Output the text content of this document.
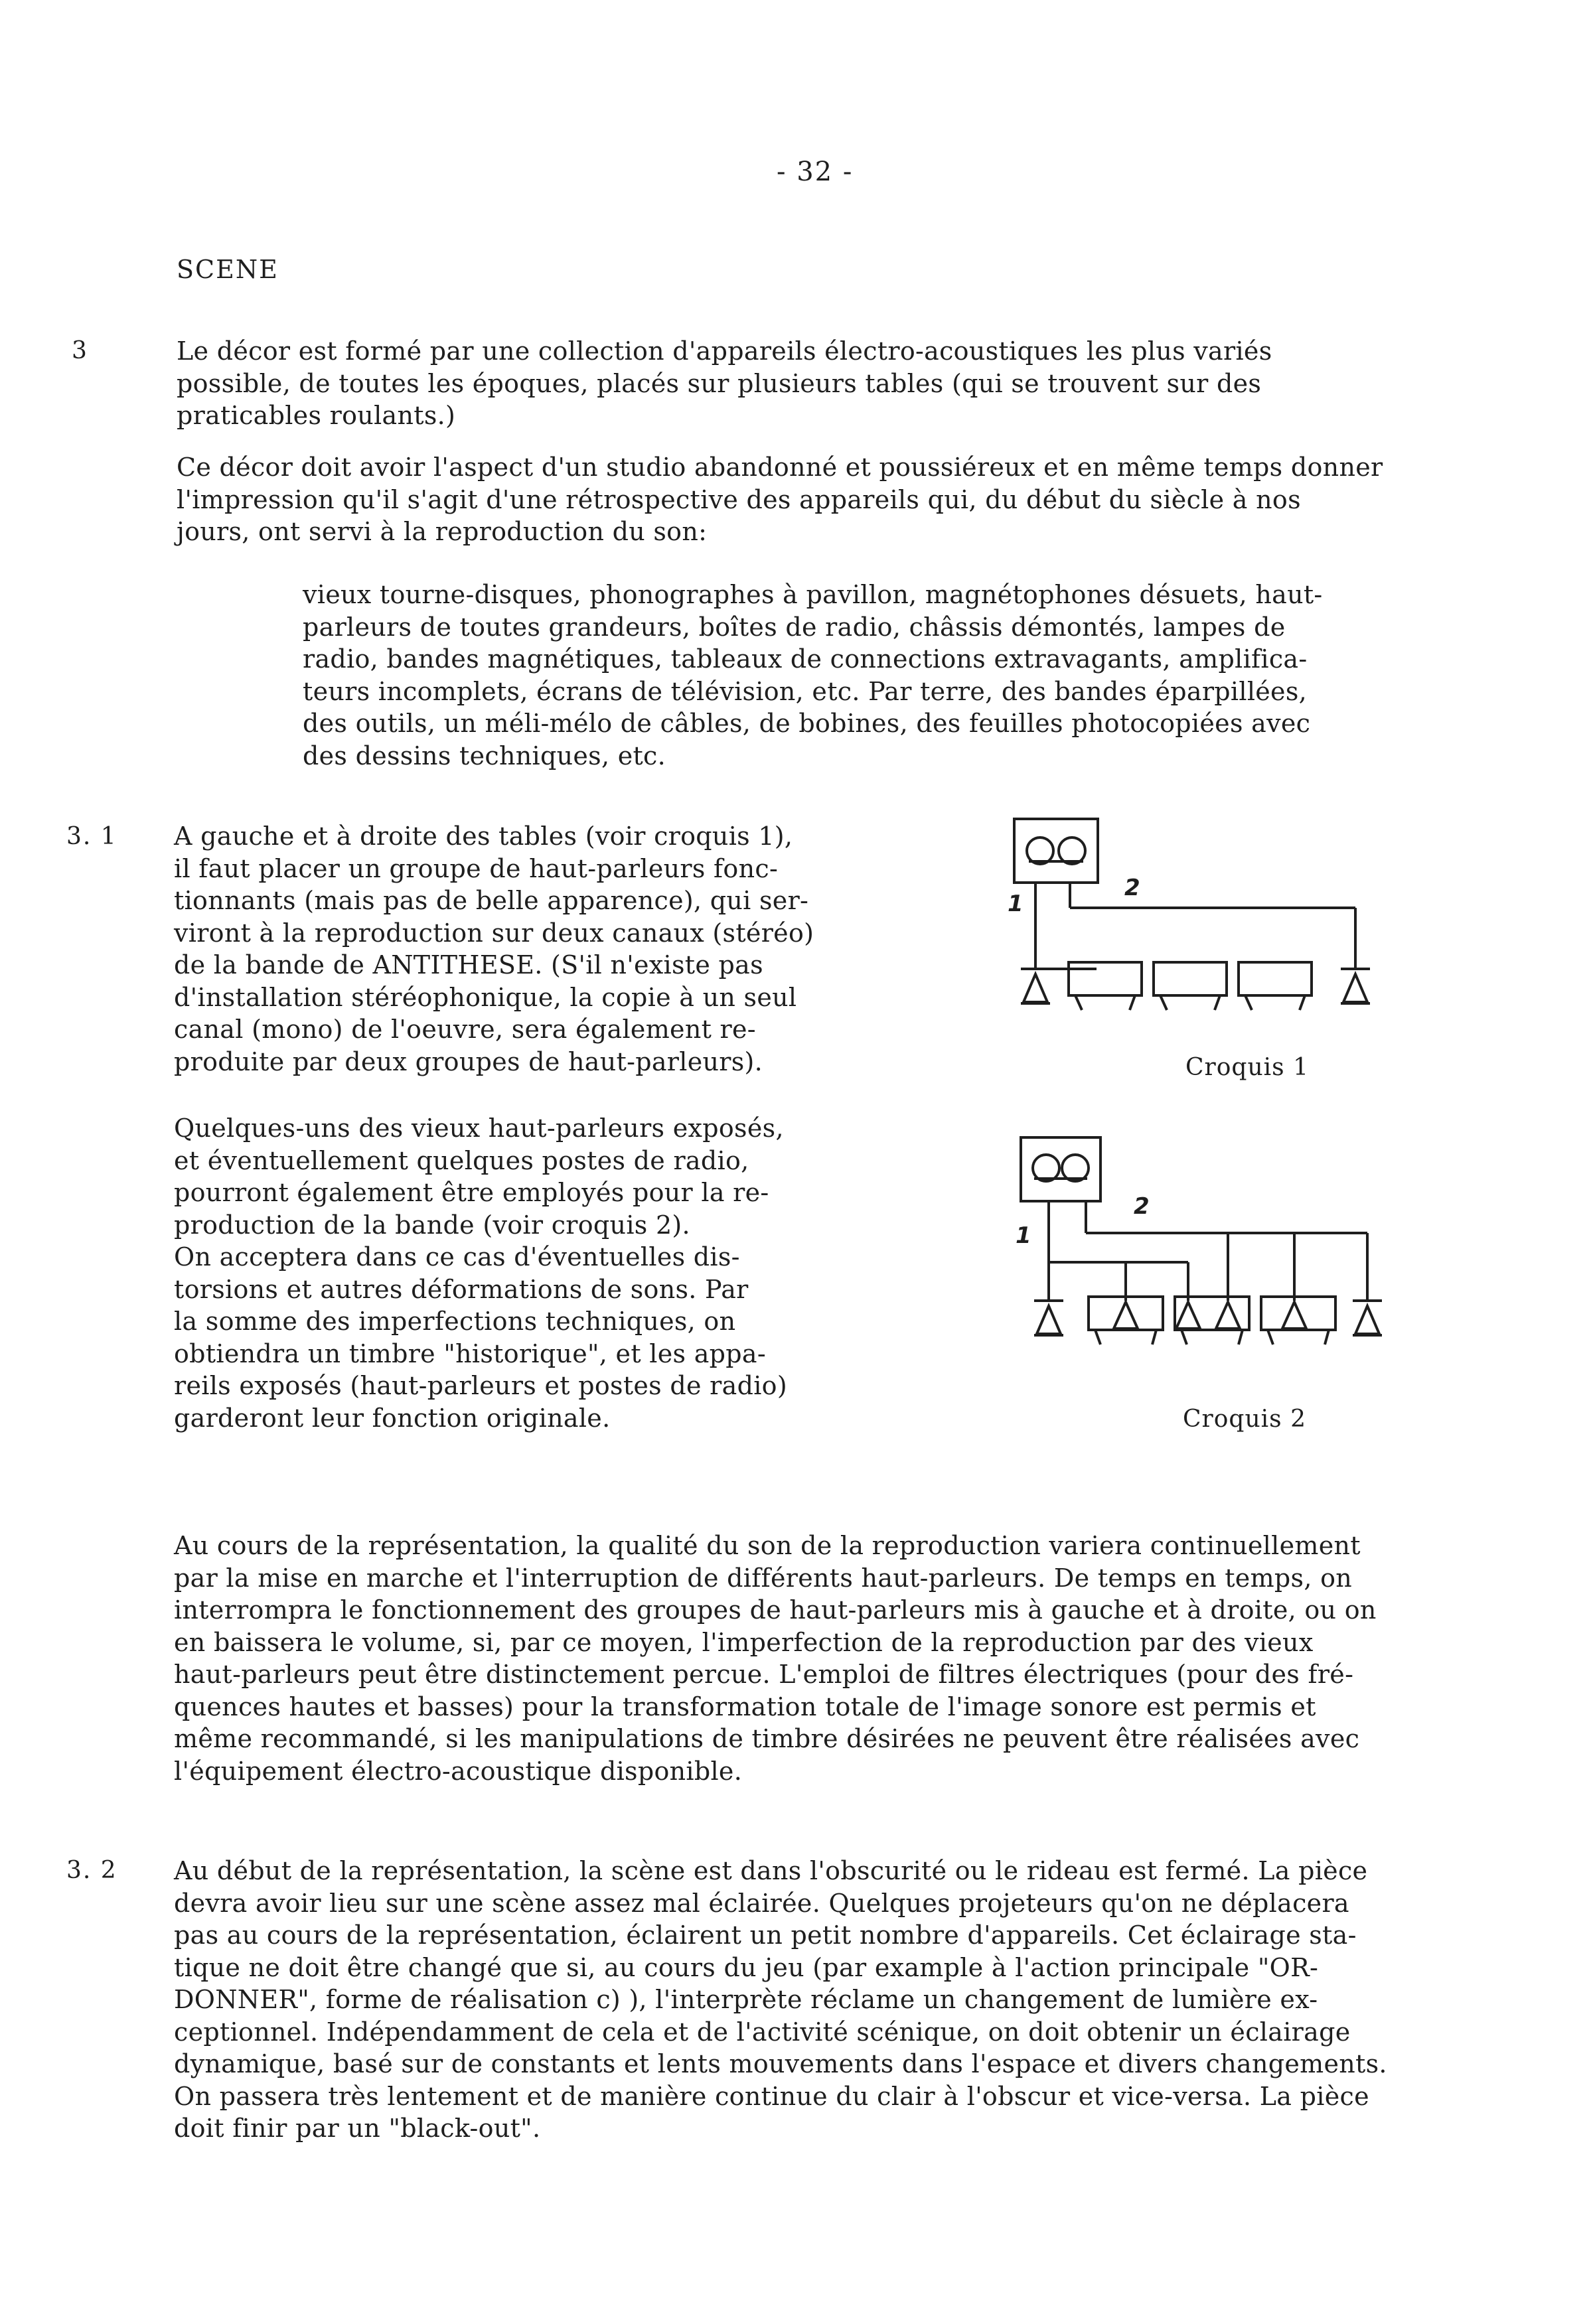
- 32 -
SCENE
3	Le décor est formé par une collection d'appareils électro-acoustiques les plus variés
possible, de toutes les époques, placés sur plusieurs tables (qui se trouvent sur des
praticables roulants.)
Ce décor doit avoir l'aspect d'un studio abandonné et poussiéreux et en même temps donner
l'impression qu'il s'agit d'une rétrospective des appareils qui, du début du siècle à nos
jours, ont servi à la reproduction du son:
vieux tourne-disques, phonographes à pavillon, magnétophones désuets, haut-
parleurs de toutes grandeurs, boîtes de radio, châssis démontés, lampes de
radio, bandes magnétiques, tableaux de connections extravagants, amplifica-
teurs incomplets, écrans de télévision, etc. Par terre, des bandes éparpillées,
des outils, un méli-mélo de câbles, de bobines, des feuilles photocopiées avec
des dessins techniques, etc.
3. 1 A gauche et à droite des tables (voir croquis 1),
il faut placer un groupe de haut-parleurs fonc-
tionnants (mais pas de belle apparence), qui ser-
viront à la reproduction sur deux canaux (stéréo)
de la bande de ANTITHESE. (S'il n'existe pas
d'installation stéréophonique, la copie à un seul
canal (mono) de l'oeuvre, sera également re-
produite par deux groupes de haut-parleurs).
Quelques-uns des vieux haut-parleurs exposés,
et éventuellement quelques postes de radio,
pourront également être employés pour la re-
production de la bande (voir croquis 2).
On acceptera dans ce cas d'éventuelles dis-
torsions et autres déformations de sons. Par
la somme des imperfections techniques, on
obtiendra un timbre "historique", et les appa-
reils exposés (haut-parleurs et postes de radio)
garderont leur fonction originale.
Au cours de la représentation, la qualité du son de la reproduction variera continuellement
par la mise en marche et l'interruption de différents haut-parleurs. De temps en temps, on
interrompra le fonctionnement des groupes de haut-parleurs mis à gauche et à droite, ou on
en baissera le volume, si, par ce moyen, l'imperfection de la reproduction par des vieux
haut-parleurs peut être distinctement percue. L'emploi de filtres électriques (pour des fré-
quences hautes et basses) pour la transformation totale de l'image sonore est permis et
même recommandé, si les manipulations de timbre désirées ne peuvent être réalisées avec
l'équipement électro-acoustique disponible.
1
2
Croquis 1
1
2
Croquis 2
3. 2 Au début de la représentation, la scène est dans l'obscurité ou le rideau est fermé. La pièce
devra avoir lieu sur une scène assez mal éclairée. Quelques projeteurs qu'on ne déplacera
pas au cours de la représentation, éclairent un petit nombre d'appareils. Cet éclairage sta-
tique ne doit être changé que si, au cours du jeu (par example à l'action principale "OR-
DONNER", forme de réalisation c) ), l'interprète réclame un changement de lumière ex-
ceptionnel. Indépendamment de cela et de l'activité scénique, on doit obtenir un éclairage
dynamique, basé sur de constants et lents mouvements dans l'espace et divers changements.
On passera très lentement et de manière continue du clair à l'obscur et vice-versa. La pièce
doit finir par un "black-out".
